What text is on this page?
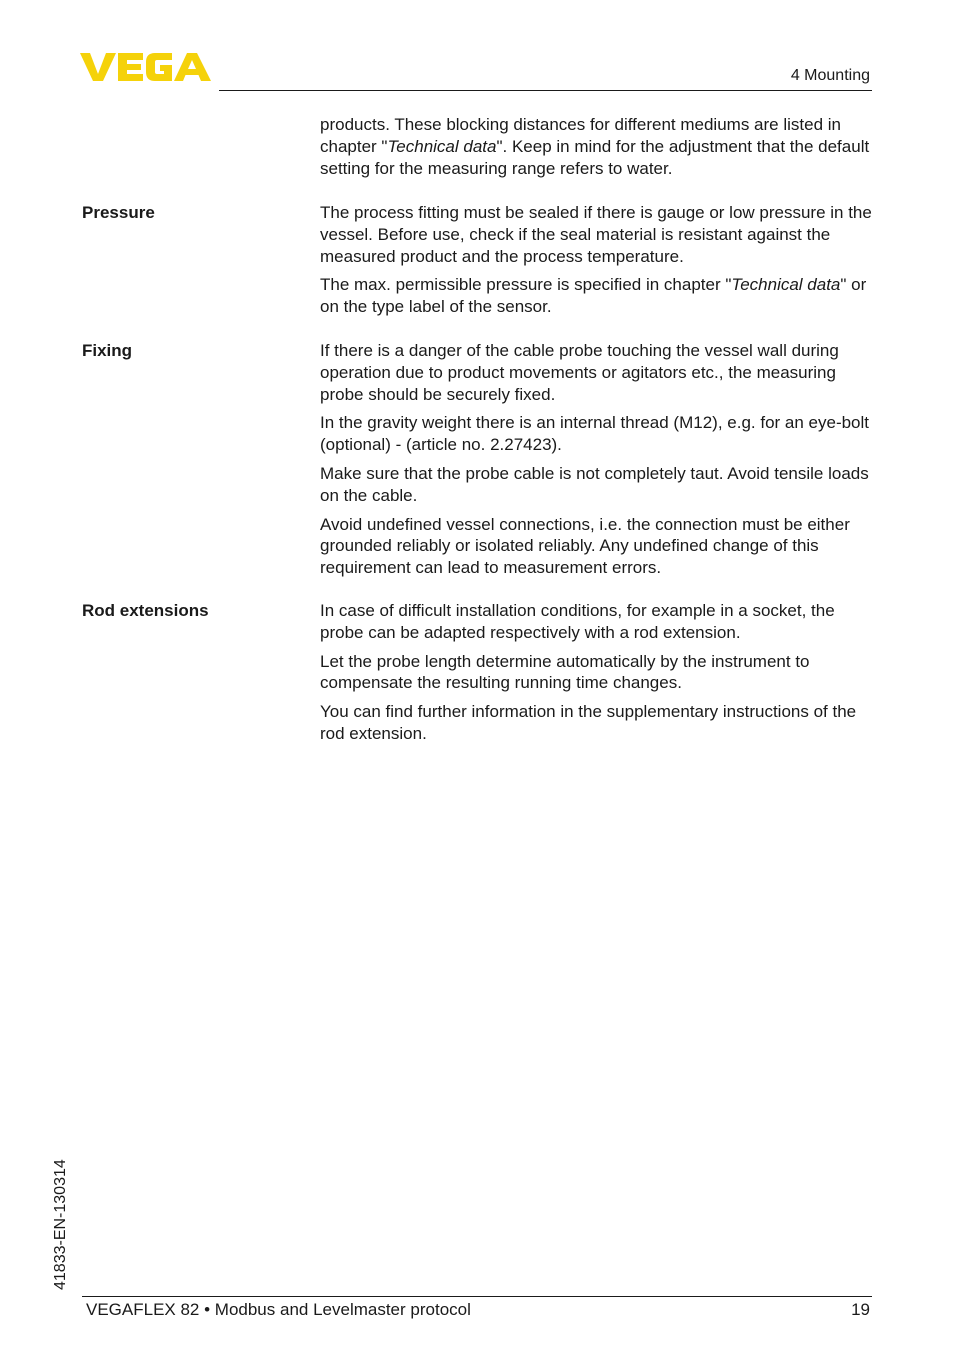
4 Mounting

products. These blocking distances for different mediums are listed in chapter "Technical data". Keep in mind for the adjustment that the default setting for the measuring range refers to water.

Pressure	The process fitting must be sealed if there is gauge or low pressure in the vessel. Before use, check if the seal material is resistant against the measured product and the process temperature.

The max. permissible pressure is specified in chapter "Technical data" or on the type label of the sensor.

Fixing	If there is a danger of the cable probe touching the vessel wall during operation due to product movements or agitators etc., the measuring probe should be securely fixed.

In the gravity weight there is an internal thread (M12), e.g. for an eye-bolt (optional) - (article no. 2.27423).

Make sure that the probe cable is not completely taut. Avoid tensile loads on the cable.

Avoid undefined vessel connections, i.e. the connection must be either grounded reliably or isolated reliably. Any undefined change of this requirement can lead to measurement errors.

Rod extensions	In case of difficult installation conditions, for example in a socket, the probe can be adapted respectively with a rod extension.

Let the probe length determine automatically by the instrument to compensate the resulting running time changes.

You can find further information in the supplementary instructions of the rod extension.

41833-EN-130314
VEGAFLEX 82 • Modbus and Levelmaster protocol	19
